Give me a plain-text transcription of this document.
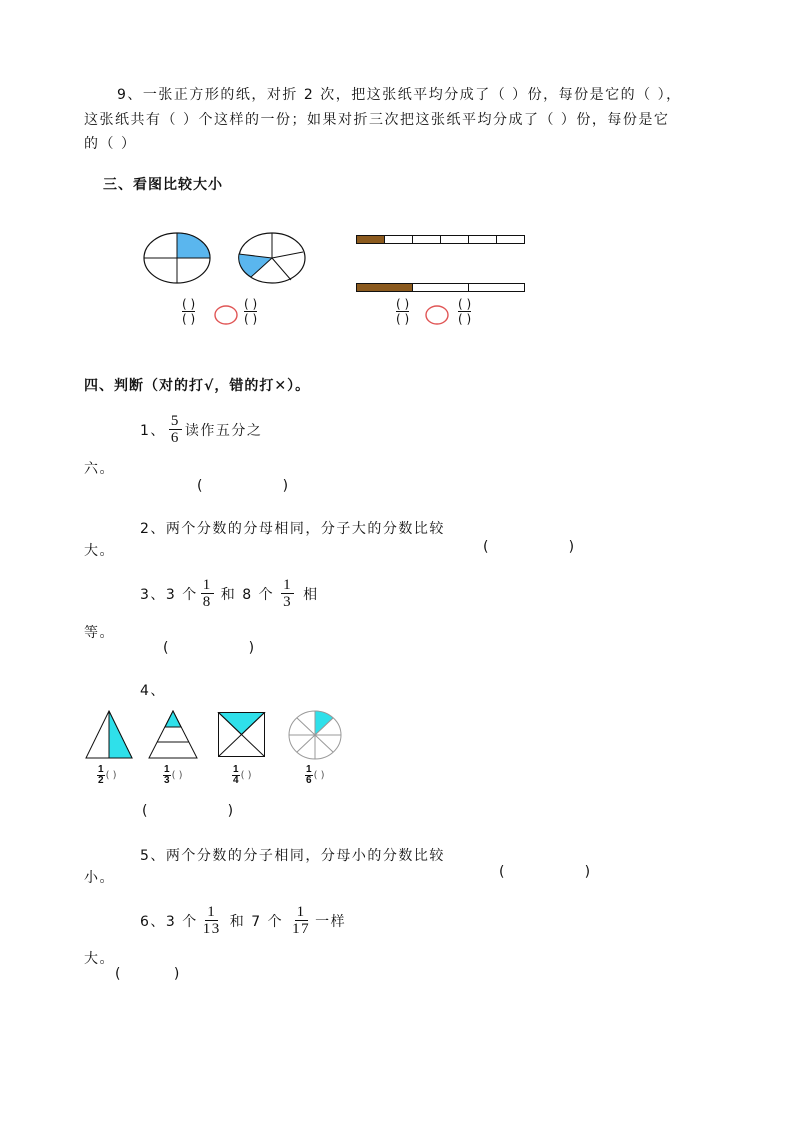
9、一张正方形的纸，对折 2 次，把这张纸平均分成了（ ）份，每份是它的（ ），
这张纸共有（ ）个这样的一份；如果对折三次把这张纸平均分成了（ ）份，每份是它
的（ ）
三、看图比较大小
( )
( )
( )
( )
( )
( )
( )
( )
四、判断（对的打√，错的打✕）。
1、 $\frac{5}{6}$ 读作五分之
六。
(                  )
2、两个分数的分母相同，分子大的分数比较
大。	(                  )
3、3 个 $\frac{1}{8}$ 和 8 个 $\frac{1}{3}$ 相
等。
(                  )
4、
$\frac{1}{2}$ ( )	$\frac{1}{3}$ ( )	$\frac{1}{4}$ ( )	$\frac{1}{6}$ ( )
(                  )
5、两个分数的分子相同，分母小的分数比较
小。	(                  )
6、3 个 $\frac{1}{13}$ 和 7 个 $\frac{1}{17}$ 一样
大。
(            )
